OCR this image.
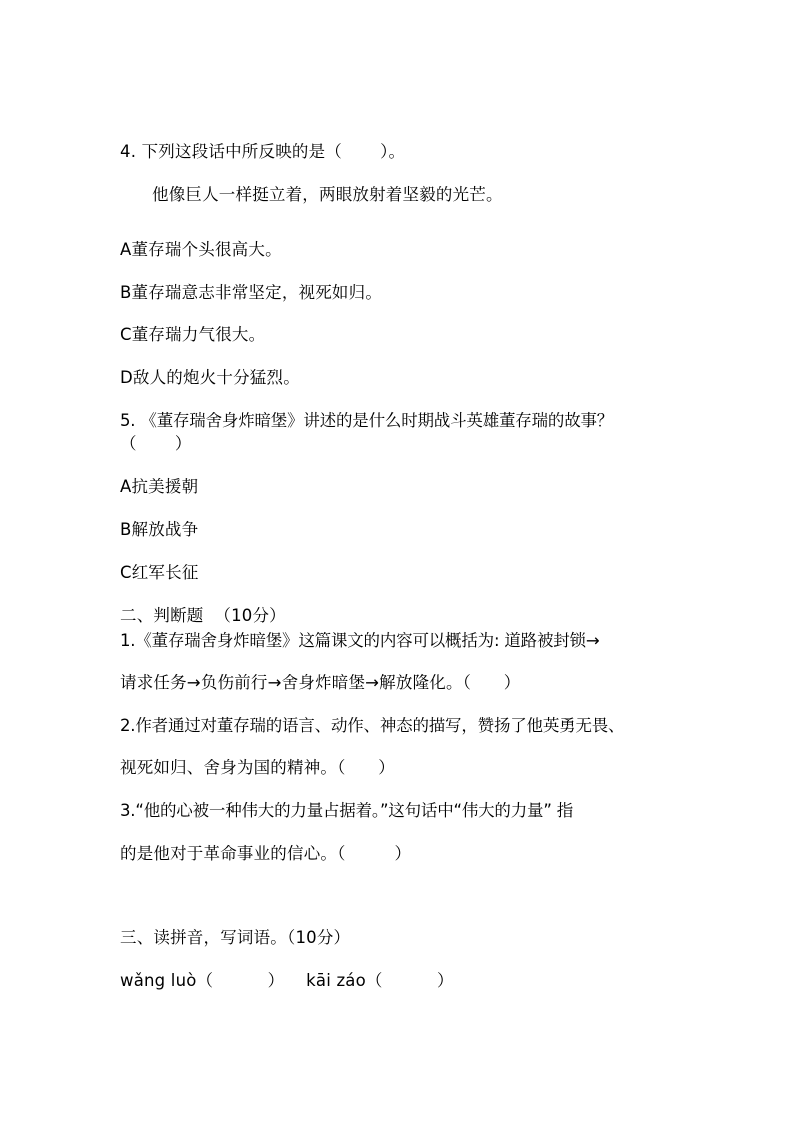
4. 下列这段话中所反映的是（       ）。
他像巨人一样挺立着，两眼放射着坚毅的光芒。
A董存瑞个头很高大。
B董存瑞意志非常坚定，视死如归。
C董存瑞力气很大。
D敌人的炮火十分猛烈。
5. 《董存瑞舍身炸暗堡》讲述的是什么时期战斗英雄董存瑞的故事？
（       ）
A抗美援朝
B解放战争
C红军长征
二、判断题  （10分）
1.《董存瑞舍身炸暗堡》这篇课文的内容可以概括为: 道路被封锁→
请求任务→负伤前行→舍身炸暗堡→解放隆化。（      ）
2.作者通过对董存瑞的语言、动作、神态的描写，赞扬了他英勇无畏、
视死如归、舍身为国的精神。（      ）
3.“他的心被一种伟大的力量占据着。”这句话中“伟大的力量” 指
的是他对于革命事业的信心。（         ）
三、读拼音，写词语。（10分）
wǎng luò（          ）    kāi záo（          ）
